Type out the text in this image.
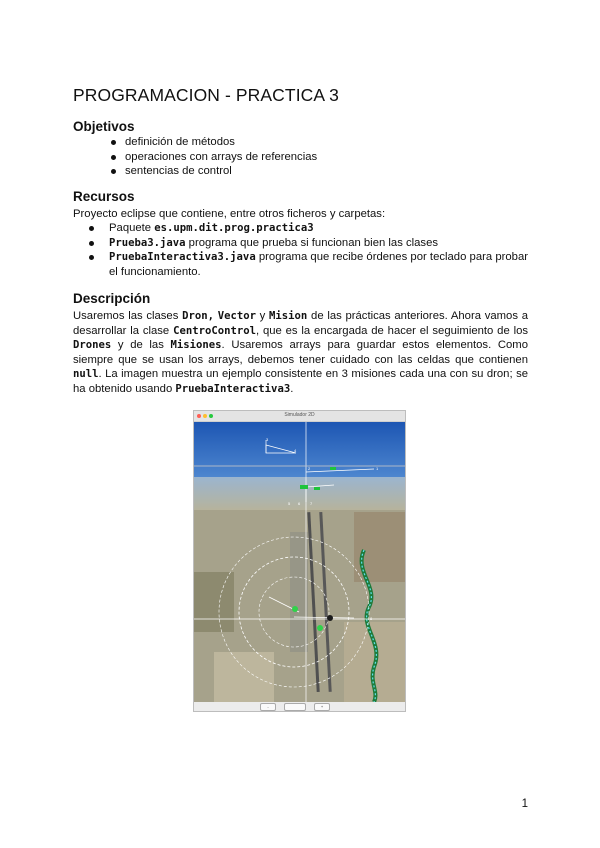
PROGRAMACION - PRACTICA 3
Objetivos
definición de métodos
operaciones con arrays de referencias
sentencias de control
Recursos
Proyecto eclipse que contiene, entre otros ficheros y carpetas:
Paquete es.upm.dit.prog.practica3
Prueba3.java programa que prueba si funcionan bien las clases
PruebaInteractiva3.java programa que recibe órdenes por teclado para probar el funcionamiento.
Descripción

Usaremos las clases Dron, Vector y Mision de las prácticas anteriores. Ahora vamos a desarrollar la clase CentroControl, que es la encargada de hacer el seguimiento de los Drones y de las Misiones. Usaremos arrays para guardar estos elementos. Como siempre que se usan los arrays, debemos tener cuidado con las celdas que contienen null. La imagen muestra un ejemplo consistente en 3 misiones cada una con su dron; se ha obtenido usando PruebaInteractiva3.

Simulador 2D
3
4
2	1
5 6 7
8
-	+
1
